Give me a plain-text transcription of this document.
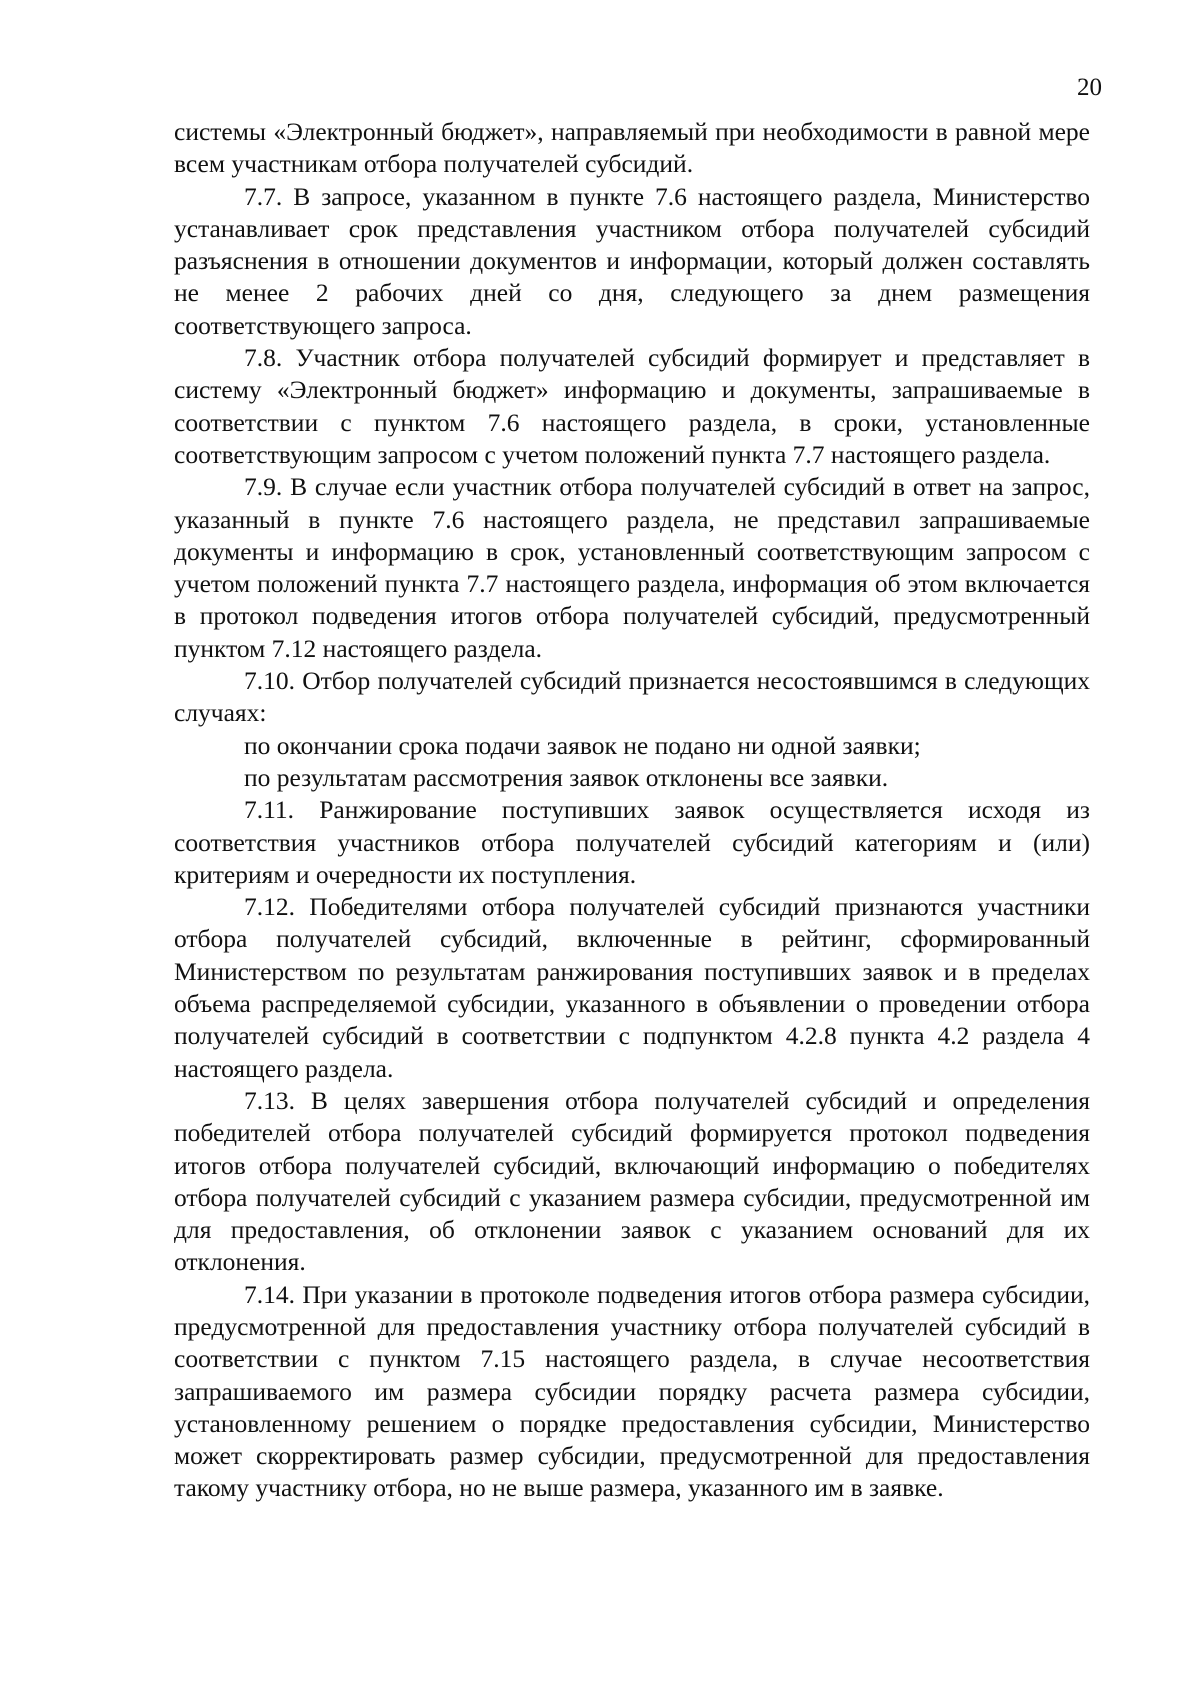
20

системы «Электронный бюджет», направляемый при необходимости в равной мере всем участникам отбора получателей субсидий.

7.7. В запросе, указанном в пункте 7.6 настоящего раздела, Министерство устанавливает срок представления участником отбора получателей субсидий разъяснения в отношении документов и информации, который должен составлять не менее 2 рабочих дней со дня, следующего за днем размещения соответствующего запроса.

7.8. Участник отбора получателей субсидий формирует и представляет в систему «Электронный бюджет» информацию и документы, запрашиваемые в соответствии с пунктом 7.6 настоящего раздела, в сроки, установленные соответствующим запросом с учетом положений пункта 7.7 настоящего раздела.

7.9. В случае если участник отбора получателей субсидий в ответ на запрос, указанный в пункте 7.6 настоящего раздела, не представил запрашиваемые документы и информацию в срок, установленный соответствующим запросом с учетом положений пункта 7.7 настоящего раздела, информация об этом включается в протокол подведения итогов отбора получателей субсидий, предусмотренный пунктом 7.12 настоящего раздела.

7.10. Отбор получателей субсидий признается несостоявшимся в следующих случаях:

по окончании срока подачи заявок не подано ни одной заявки;

по результатам рассмотрения заявок отклонены все заявки.

7.11. Ранжирование поступивших заявок осуществляется исходя из соответствия участников отбора получателей субсидий категориям и (или) критериям и очередности их поступления.

7.12. Победителями отбора получателей субсидий признаются участники отбора получателей субсидий, включенные в рейтинг, сформированный Министерством по результатам ранжирования поступивших заявок и в пределах объема распределяемой субсидии, указанного в объявлении о проведении отбора получателей субсидий в соответствии с подпунктом 4.2.8 пункта 4.2 раздела 4 настоящего раздела.

7.13. В целях завершения отбора получателей субсидий и определения победителей отбора получателей субсидий формируется протокол подведения итогов отбора получателей субсидий, включающий информацию о победителях отбора получателей субсидий с указанием размера субсидии, предусмотренной им для предоставления, об отклонении заявок с указанием оснований для их отклонения.

7.14. При указании в протоколе подведения итогов отбора размера субсидии, предусмотренной для предоставления участнику отбора получателей субсидий в соответствии с пунктом 7.15 настоящего раздела, в случае несоответствия запрашиваемого им размера субсидии порядку расчета размера субсидии, установленному решением о порядке предоставления субсидии, Министерство может скорректировать размер субсидии, предусмотренной для предоставления такому участнику отбора, но не выше размера, указанного им в заявке.
